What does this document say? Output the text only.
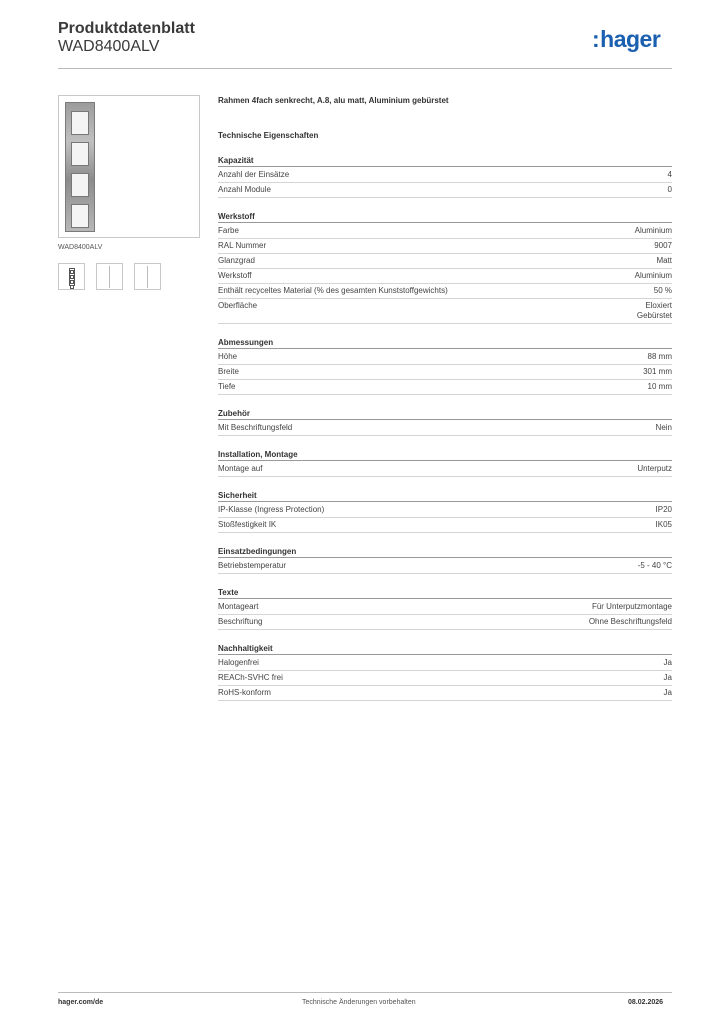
Produktdatenblatt
WAD8400ALV	:hager
WAD8400ALV
Rahmen 4fach senkrecht, A.8, alu matt, Aluminium gebürstet
Technische Eigenschaften
Kapazität
Anzahl der Einsätze	4
Anzahl Module	0
Werkstoff
Farbe	Aluminium
RAL Nummer	9007
Glanzgrad	Matt
Werkstoff	Aluminium
Enthält recyceltes Material (% des gesamten Kunststoffgewichts)	50 %
Oberfläche	Eloxiert
Gebürstet
Abmessungen
Höhe	88 mm
Breite	301 mm
Tiefe	10 mm
Zubehör
Mit Beschriftungsfeld	Nein
Installation, Montage
Montage auf	Unterputz
Sicherheit
IP-Klasse (Ingress Protection)	IP20
Stoßfestigkeit IK	IK05
Einsatzbedingungen
Betriebstemperatur	-5 - 40 °C
Texte
Montageart	Für Unterputzmontage
Beschriftung	Ohne Beschriftungsfeld
Nachhaltigkeit
Halogenfrei	Ja
REACh-SVHC frei	Ja
RoHS-konform	Ja
hager.com/de	Technische Änderungen vorbehalten	08.02.2026
